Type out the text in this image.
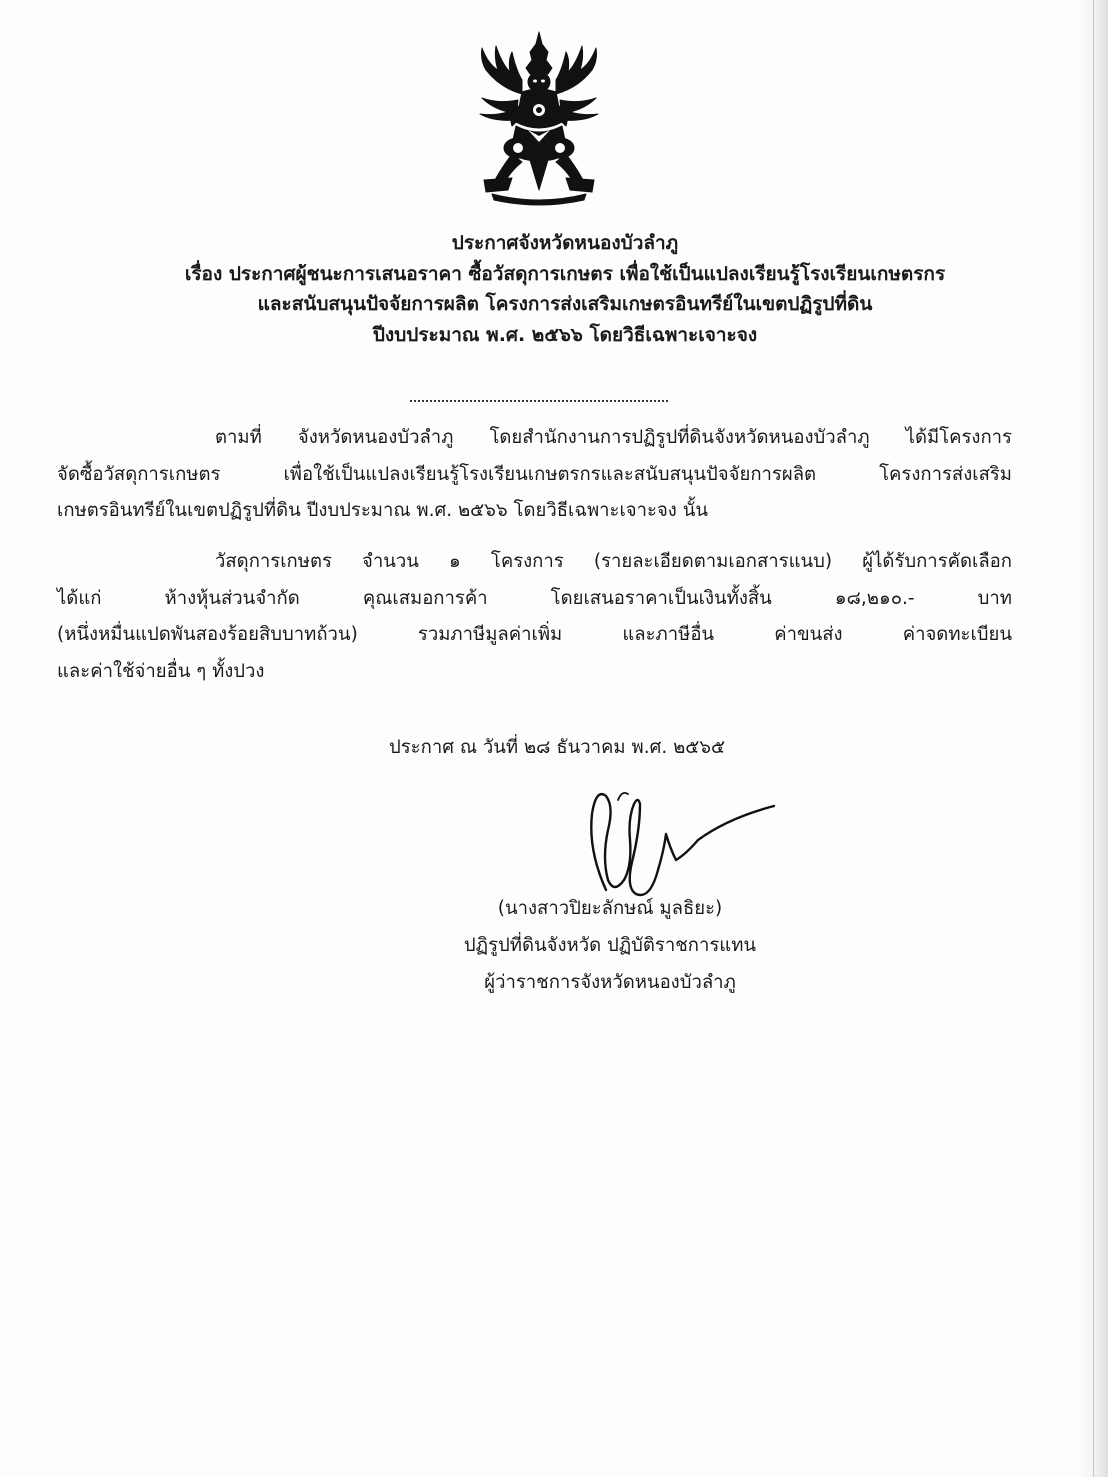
ประกาศจังหวัดหนองบัวลำภู
เรื่อง ประกาศผู้ชนะการเสนอราคา ซื้อวัสดุการเกษตร เพื่อใช้เป็นแปลงเรียนรู้โรงเรียนเกษตรกร
และสนับสนุนปัจจัยการผลิต โครงการส่งเสริมเกษตรอินทรีย์ในเขตปฏิรูปที่ดิน
ปีงบประมาณ พ.ศ. ๒๕๖๖ โดยวิธีเฉพาะเจาะจง
ตามที่ จังหวัดหนองบัวลำภู โดยสำนักงานการปฏิรูปที่ดินจังหวัดหนองบัวลำภู ได้มีโครงการ
จัดซื้อวัสดุการเกษตร เพื่อใช้เป็นแปลงเรียนรู้โรงเรียนเกษตรกรและสนับสนุนปัจจัยการผลิต โครงการส่งเสริม
เกษตรอินทรีย์ในเขตปฏิรูปที่ดิน ปีงบประมาณ พ.ศ. ๒๕๖๖ โดยวิธีเฉพาะเจาะจง นั้น
วัสดุการเกษตร จำนวน ๑ โครงการ (รายละเอียดตามเอกสารแนบ) ผู้ได้รับการคัดเลือก
ได้แก่ ห้างหุ้นส่วนจำกัด คุณเสมอการค้า โดยเสนอราคาเป็นเงินทั้งสิ้น ๑๘,๒๑๐.- บาท
(หนึ่งหมื่นแปดพันสองร้อยสิบบาทถ้วน) รวมภาษีมูลค่าเพิ่ม และภาษีอื่น ค่าขนส่ง ค่าจดทะเบียน
และค่าใช้จ่ายอื่น ๆ ทั้งปวง
ประกาศ ณ วันที่ ๒๘ ธันวาคม พ.ศ. ๒๕๖๕
(นางสาวปิยะลักษณ์ มูลธิยะ)
ปฏิรูปที่ดินจังหวัด ปฏิบัติราชการแทน
ผู้ว่าราชการจังหวัดหนองบัวลำภู
